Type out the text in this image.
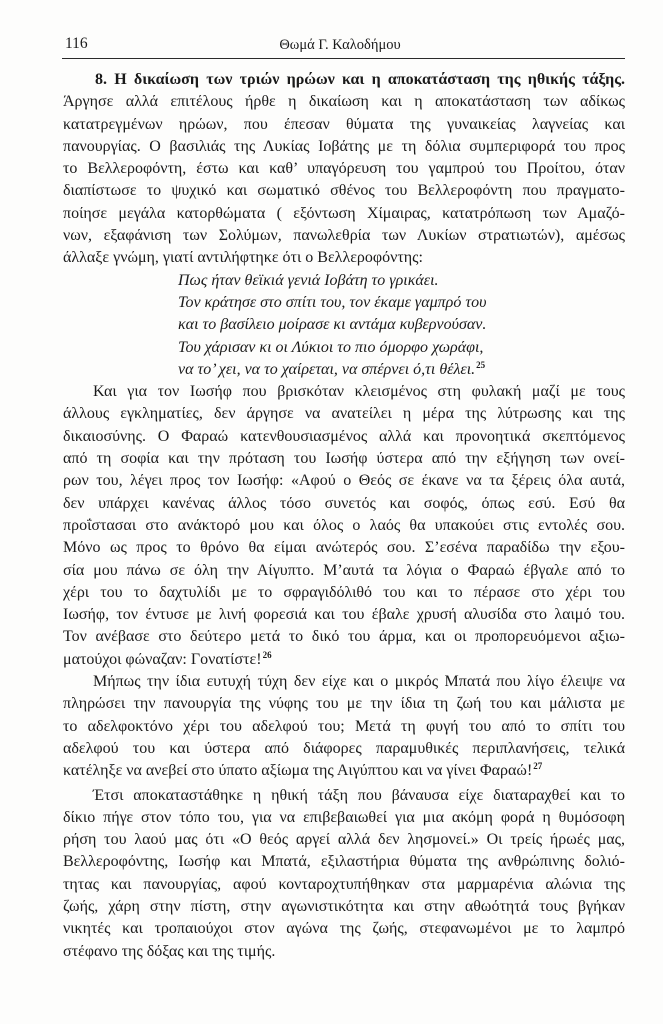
116	Θωμά Γ. Καλοδήμου
8. Η δικαίωση των τριών ηρώων και η αποκατάσταση της ηθικής τάξης.
Άργησε αλλά επιτέλους ήρθε η δικαίωση και η αποκατάσταση των αδίκως
κατατρεγμένων ηρώων, που έπεσαν θύματα της γυναικείας λαγνείας και
πανουργίας. Ο βασιλιάς της Λυκίας Ιοβάτης με τη δόλια συμπεριφορά του προς
το Βελλεροφόντη, έστω και καθ’ υπαγόρευση του γαμπρού του Προίτου, όταν
διαπίστωσε το ψυχικό και σωματικό σθένος του Βελλεροφόντη που πραγματο-
ποίησε μεγάλα κατορθώματα ( εξόντωση Χίμαιρας, κατατρόπωση των Αμαζό-
νων, εξαφάνιση των Σολύμων, πανωλεθρία των Λυκίων στρατιωτών), αμέσως
άλλαξε γνώμη, γιατί αντιλήφτηκε ότι ο Βελλεροφόντης:
Πως ήταν θεϊκιά γενιά Ιοβάτη το γρικάει.
Τον κράτησε στο σπίτι του, τον έκαμε γαμπρό του
και το βασίλειο μοίρασε κι αντάμα κυβερνούσαν.
Του χάρισαν κι οι Λύκιοι το πιο όμορφο χωράφι,
να το’ χει, να το χαίρεται, να σπέρνει ό,τι θέλει.$^{25}$
Και για τον Ιωσήφ που βρισκόταν κλεισμένος στη φυλακή μαζί με τους
άλλους εγκληματίες, δεν άργησε να ανατείλει η μέρα της λύτρωσης και της
δικαιοσύνης. Ο Φαραώ κατενθουσιασμένος αλλά και προνοητικά σκεπτόμενος
από τη σοφία και την πρόταση του Ιωσήφ ύστερα από την εξήγηση των ονεί-
ρων του, λέγει προς τον Ιωσήφ: «Αφού ο Θεός σε έκανε να τα ξέρεις όλα αυτά,
δεν υπάρχει κανένας άλλος τόσο συνετός και σοφός, όπως εσύ. Εσύ θα
προΐστασαι στο ανάκτορό μου και όλος ο λαός θα υπακούει στις εντολές σου.
Μόνο ως προς το θρόνο θα είμαι ανώτερός σου. Σ’εσένα παραδίδω την εξου-
σία μου πάνω σε όλη την Αίγυπτο. Μ’αυτά τα λόγια ο Φαραώ έβγαλε από το
χέρι του το δαχτυλίδι με το σφραγιδόλιθό του και το πέρασε στο χέρι του
Ιωσήφ, τον έντυσε με λινή φορεσιά και του έβαλε χρυσή αλυσίδα στο λαιμό του.
Τον ανέβασε στο δεύτερο μετά το δικό του άρμα, και οι προπορευόμενοι αξιω-
ματούχοι φώναζαν: Γονατίστε!$^{26}$
Μήπως την ίδια ευτυχή τύχη δεν είχε και ο μικρός Μπατά που λίγο έλειψε να
πληρώσει την πανουργία της νύφης του με την ίδια τη ζωή του και μάλιστα με
το αδελφοκτόνο χέρι του αδελφού του; Μετά τη φυγή του από το σπίτι του
αδελφού του και ύστερα από διάφορες παραμυθικές περιπλανήσεις, τελικά
κατέληξε να ανεβεί στο ύπατο αξίωμα της Αιγύπτου και να γίνει Φαραώ!$^{27}$
Έτσι αποκαταστάθηκε η ηθική τάξη που βάναυσα είχε διαταραχθεί και το
δίκιο πήγε στον τόπο του, για να επιβεβαιωθεί για μια ακόμη φορά η θυμόσοφη
ρήση του λαού μας ότι «Ο θεός αργεί αλλά δεν λησμονεί.» Οι τρείς ήρωές μας,
Βελλεροφόντης, Ιωσήφ και Μπατά, εξιλαστήρια θύματα της ανθρώπινης δολιό-
τητας και πανουργίας, αφού κονταροχτυπήθηκαν στα μαρμαρένια αλώνια της
ζωής, χάρη στην πίστη, στην αγωνιστικότητα και στην αθωότητά τους βγήκαν
νικητές και τροπαιούχοι στον αγώνα της ζωής, στεφανωμένοι με το λαμπρό
στέφανο της δόξας και της τιμής.
